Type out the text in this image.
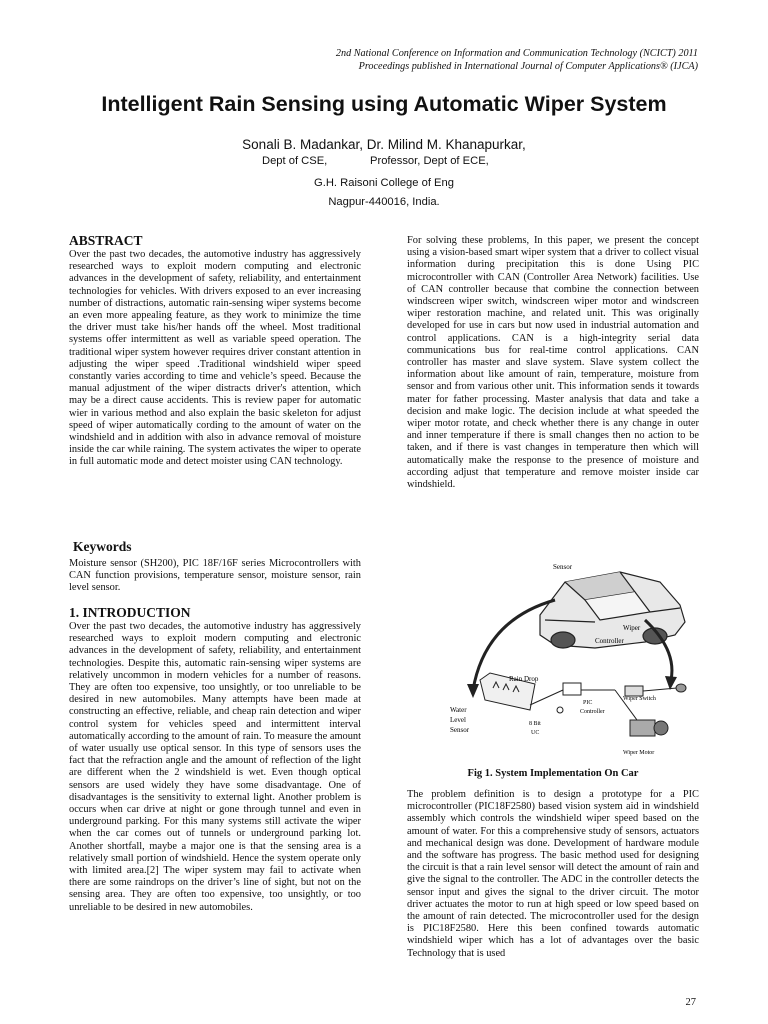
2nd National Conference on Information and Communication Technology (NCICT) 2011
Proceedings published in International Journal of Computer Applications® (IJCA)
Intelligent Rain Sensing using Automatic Wiper System
Sonali B. Madankar, Dr. Milind M. Khanapurkar,
Dept of CSE,	Professor, Dept of ECE,
G.H. Raisoni College of Eng
Nagpur-440016, India.
ABSTRACT

Over the past two decades, the automotive industry has aggressively researched ways to exploit modern computing and electronic advances in the development of safety, reliability, and entertainment technologies for vehicles. With drivers exposed to an ever increasing number of distractions, automatic rain-sensing wiper systems become an even more appealing feature, as they work to minimize the time the driver must take his/her hands off the wheel. Most traditional systems offer intermittent as well as variable speed operation. The traditional wiper system however requires driver constant attention in adjusting the wiper speed .Traditional windshield wiper speed constantly varies according to time and vehicle’s speed. Because the manual adjustment of the wiper distracts driver's attention, which may be a direct cause accidents. This is review paper for automatic wier in various method and also explain the basic skeleton for adjust speed of wiper automatically cording to the amount of water on the windshield and in addition with also in advance removal of moisture inside the car while raining. The system activates the wiper to operate in full automatic mode and detect moister using CAN technology.

Keywords

Moisture sensor (SH200), PIC 18F/16F series Microcontrollers with CAN function provisions, temperature sensor, moisture sensor, rain level sensor.

1. INTRODUCTION

Over the past two decades, the automotive industry has aggressively researched ways to exploit modern computing and electronic advances in the development of safety, reliability, and entertainment technologies. Despite this, automatic rain-sensing wiper systems are relatively uncommon in modern vehicles for a number of reasons. They are often too expensive, too unsightly, or too unreliable to be desired in new automobiles. Many attempts have been made at constructing an effective, reliable, and cheap rain detection and wiper control system for vehicles speed and intermittent interval automatically according to the amount of rain. To measure the amount of water usually use optical sensor. In this type of sensors uses the fact that the refraction angle and the amount of reflection of the light are different when the 2 windshield is wet. Even though optical sensors are used widely they have some disadvantage. One of disadvantages is the sensitivity to external light. Another problem is occurs when car drive at night or gone through tunnel and even in underground parking. For this many systems still activate the wiper when the car comes out of tunnels or underground parking lot. Another shortfall, maybe a major one is that the sensing area is a relatively small portion of windshield. Hence the system operate only with limited area.[2] The wiper system may fail to activate when there are some raindrops on the driver’s line of sight, but not on the sensing area. They are often too expensive, too unsightly, or too unreliable to be desired in new automobiles.

For solving these problems, In this paper, we present the concept using a vision-based smart wiper system that a driver to collect visual information during precipitation this is done Using PIC microcontroller with CAN (Controller Area Network) facilities. Use of CAN controller because that combine the connection between windscreen wiper switch, windscreen wiper motor and windscreen wiper restoration machine, and related unit. This was originally developed for use in cars but now used in industrial automation and control applications. CAN is a high-integrity serial data communications bus for real-time control applications. CAN controller has master and slave system. Slave system collect the information about like amount of rain, temperature, moisture from sensor and from various other unit. This information sends it towards mater for father processing. Master analysis that data and take a decision and make logic. The decision include at what speeded the wiper motor rotate, and check whether there is any change in outer and inner temperature if there is small changes then no action to be taken, and if there is vast changes in temperature then which will automatically make the response to the presence of moisture and according adjust that temperature and remove moister inside car windshield.

Sensor
Wiper
Controller
Rain Drop
PIC
Controller
Water
Level
Sensor
8 Bit
UC
Wiper Switch
Wiper Motor
Fig 1. System Implementation On Car

The problem definition is to design a prototype for a PIC microcontroller (PIC18F2580) based vision system aid in windshield assembly which controls the windshield wiper speed based on the amount of water. For this a comprehensive study of sensors, actuators and mechanical design was done. Development of hardware module and the software has progress. The basic method used for designing the circuit is that a rain level sensor will detect the amount of rain and give the signal to the controller. The ADC in the controller detects the sensor input and gives the signal to the driver circuit. The motor driver actuates the motor to run at high speed or low speed based on the amount of rain detected. The microcontroller used for the design is PIC18F2580. Here this been confined towards automatic windshield wiper which has a lot of advantages over the basic Technology that is used

27
